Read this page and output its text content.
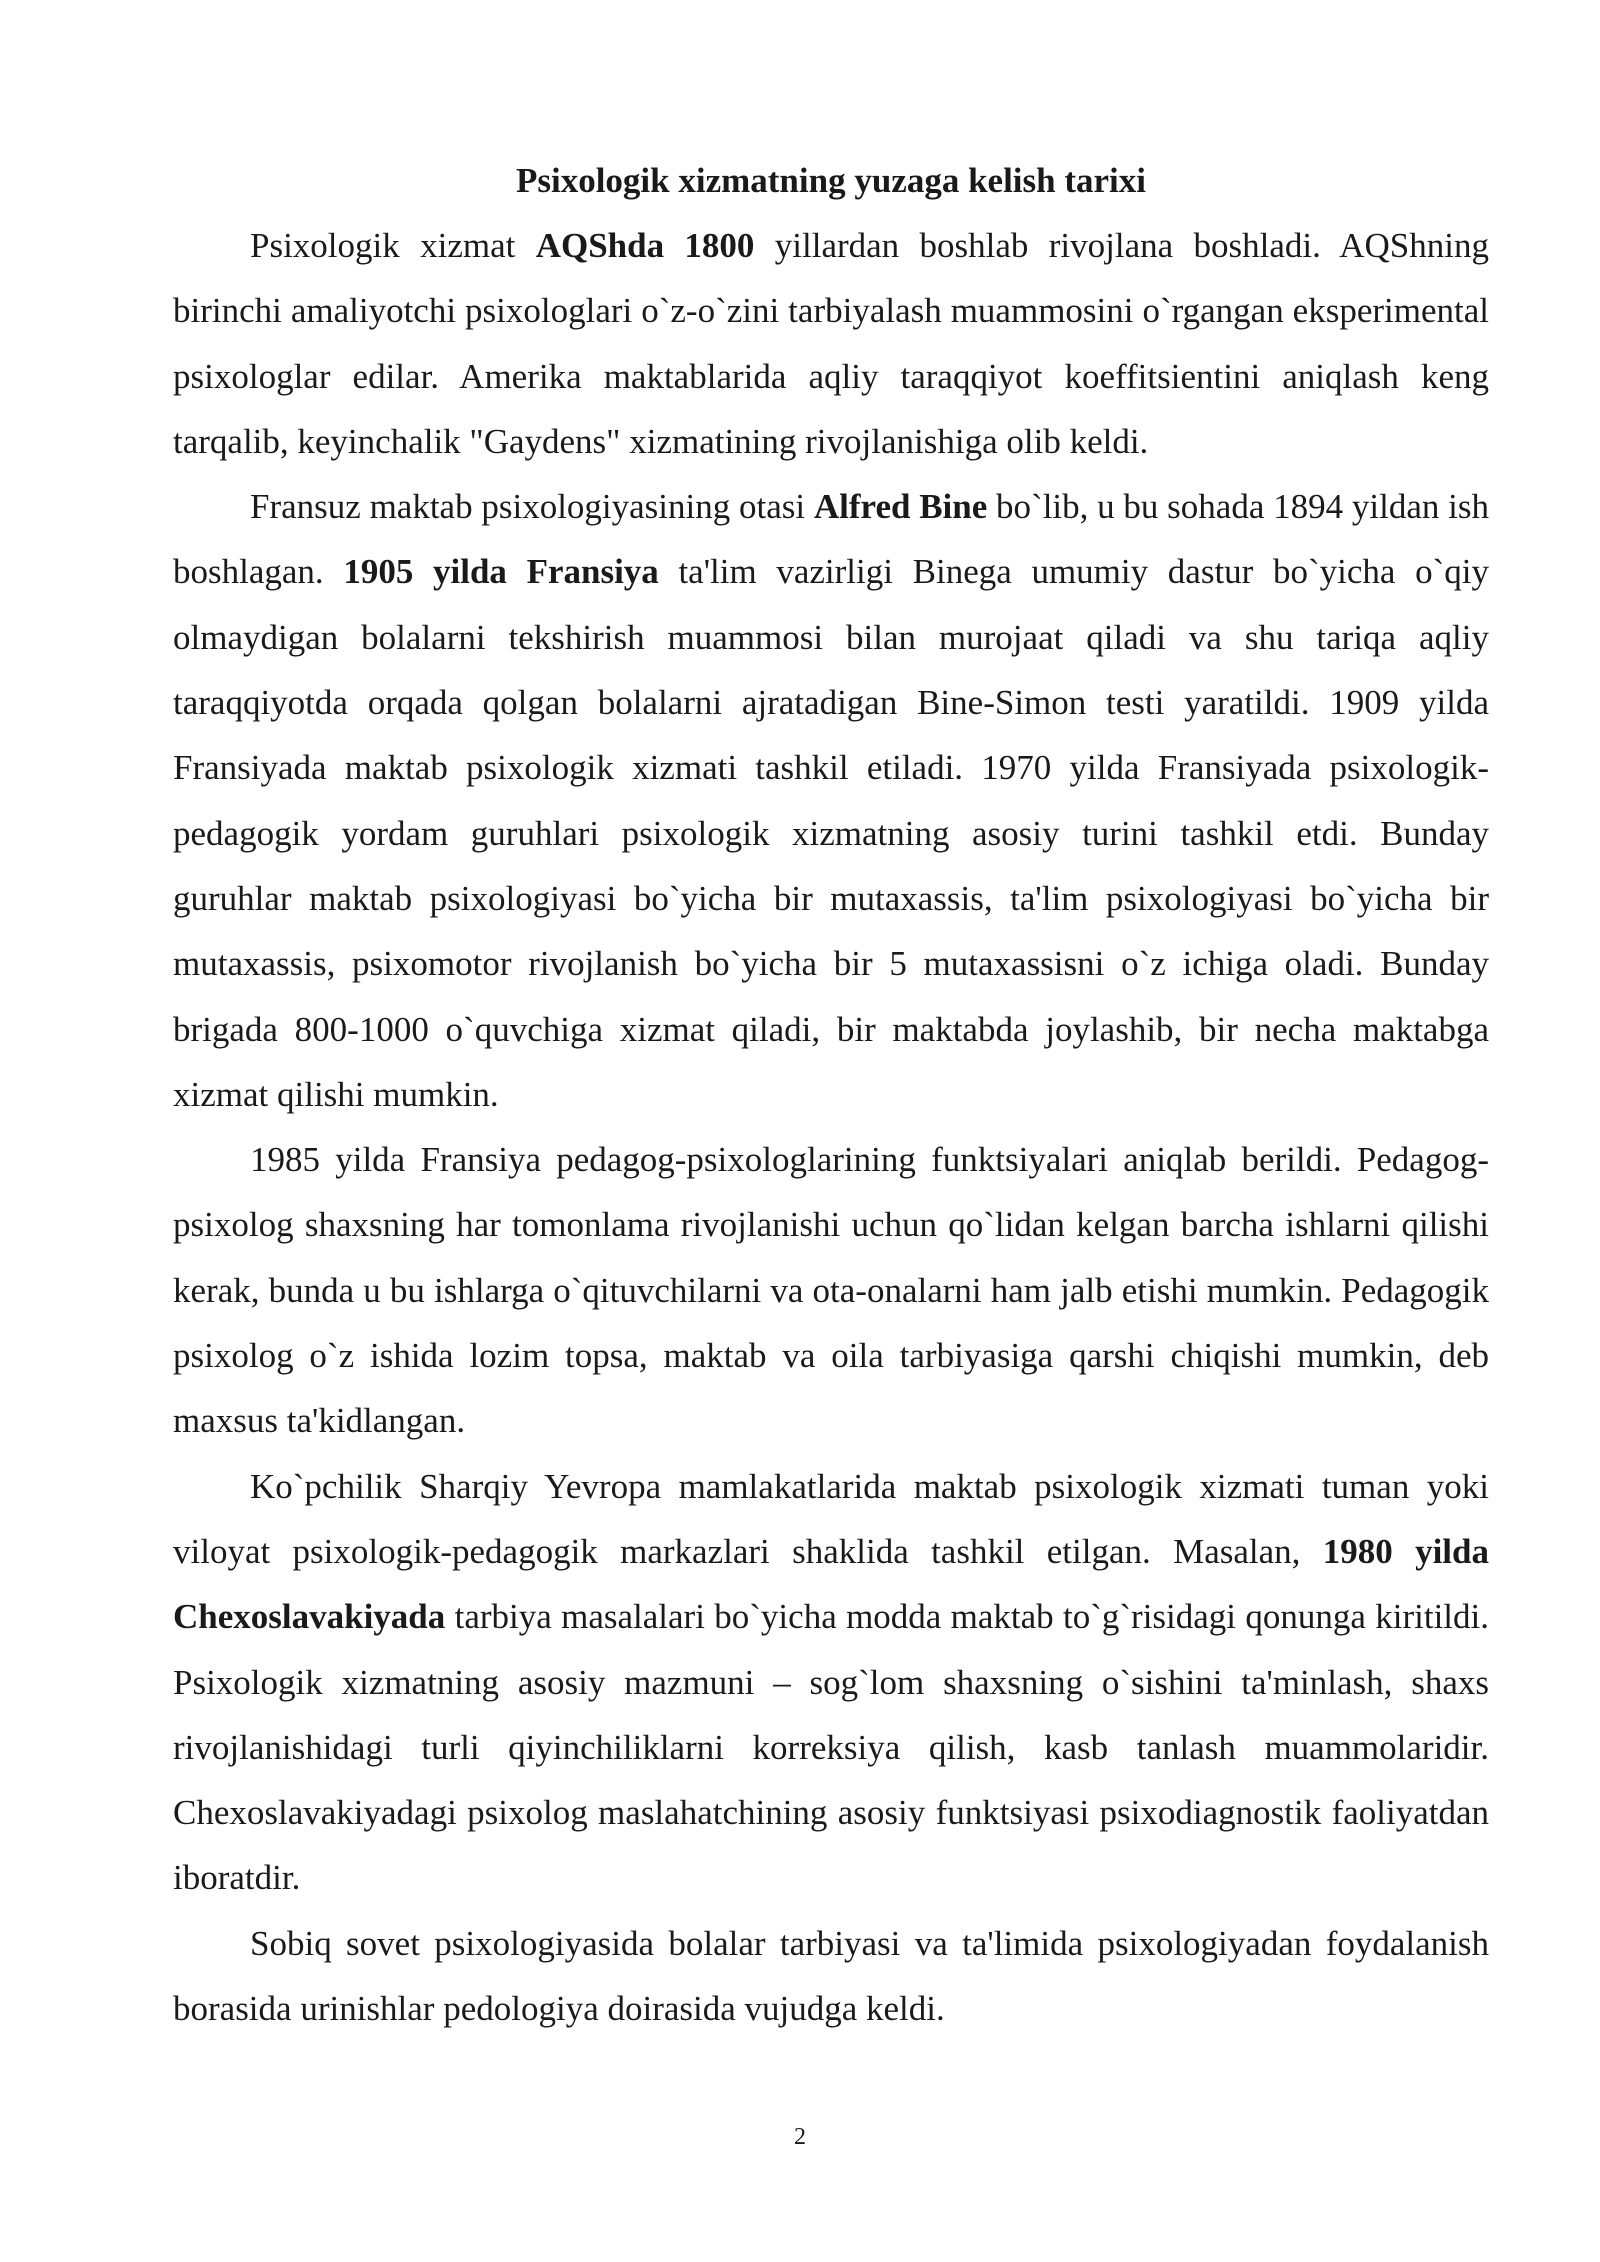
Psixologik xizmatning yuzaga kelish tarixi

Psixologik xizmat AQShda 1800 yillardan boshlab rivojlana boshladi. AQShning birinchi amaliyotchi psixologlari o`z-o`zini tarbiyalash muammosini o`rgangan eksperimental psixologlar edilar. Amerika maktablarida aqliy taraqqiyot koeffitsientini aniqlash keng tarqalib, keyinchalik "Gaydens" xizmatining rivojlanishiga olib keldi.

Fransuz maktab psixologiyasining otasi Alfred Bine bo`lib, u bu sohada 1894 yildan ish boshlagan. 1905 yilda Fransiya ta'lim vazirligi Binega umumiy dastur bo`yicha o`qiy olmaydigan bolalarni tekshirish muammosi bilan murojaat qiladi va shu tariqa aqliy taraqqiyotda orqada qolgan bolalarni ajratadigan Bine-Simon testi yaratildi. 1909 yilda Fransiyada maktab psixologik xizmati tashkil etiladi. 1970 yilda Fransiyada psixologik-pedagogik yordam guruhlari psixologik xizmatning asosiy turini tashkil etdi. Bunday guruhlar maktab psixologiyasi bo`yicha bir mutaxassis, ta'lim psixologiyasi bo`yicha bir mutaxassis, psixomotor rivojlanish bo`yicha bir 5 mutaxassisni o`z ichiga oladi. Bunday brigada 800-1000 o`quvchiga xizmat qiladi, bir maktabda joylashib, bir necha maktabga xizmat qilishi mumkin.

1985 yilda Fransiya pedagog-psixologlarining funktsiyalari aniqlab berildi. Pedagog-psixolog shaxsning har tomonlama rivojlanishi uchun qo`lidan kelgan barcha ishlarni qilishi kerak, bunda u bu ishlarga o`qituvchilarni va ota-onalarni ham jalb etishi mumkin. Pedagogik psixolog o`z ishida lozim topsa, maktab va oila tarbiyasiga qarshi chiqishi mumkin, deb maxsus ta'kidlangan.

Ko`pchilik Sharqiy Yevropa mamlakatlarida maktab psixologik xizmati tuman yoki viloyat psixologik-pedagogik markazlari shaklida tashkil etilgan. Masalan, 1980 yilda Chexoslavakiyada tarbiya masalalari bo`yicha modda maktab to`g`risidagi qonunga kiritildi. Psixologik xizmatning asosiy mazmuni – sog`lom shaxsning o`sishini ta'minlash, shaxs rivojlanishidagi turli qiyinchiliklarni korreksiya qilish, kasb tanlash muammolaridir. Chexoslavakiyadagi psixolog maslahatchining asosiy funktsiyasi psixodiagnostik faoliyatdan iboratdir.

Sobiq sovet psixologiyasida bolalar tarbiyasi va ta'limida psixologiyadan foydalanish borasida urinishlar pedologiya doirasida vujudga keldi.

2
